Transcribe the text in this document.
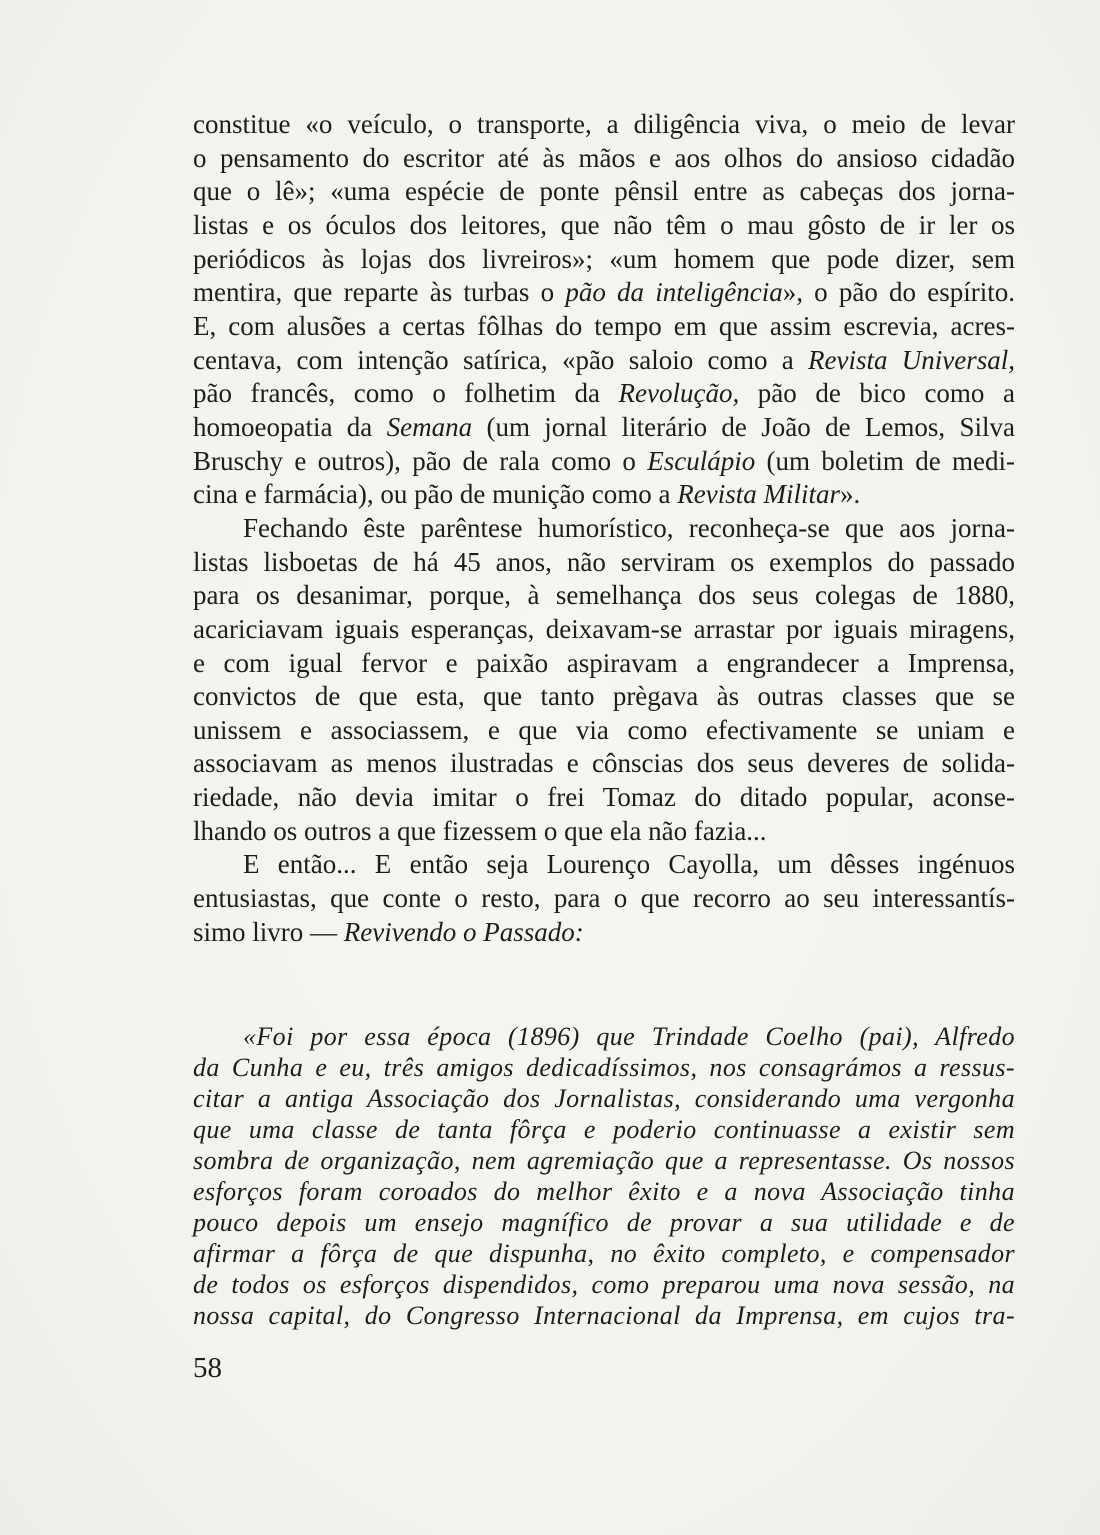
constitue «o veículo, o transporte, a diligência viva, o meio de levar
o pensamento do escritor até às mãos e aos olhos do ansioso cidadão
que o lê»; «uma espécie de ponte pênsil entre as cabeças dos jorna-
listas e os óculos dos leitores, que não têm o mau gôsto de ir ler os
periódicos às lojas dos livreiros»; «um homem que pode dizer, sem
mentira, que reparte às turbas o pão da inteligência», o pão do espírito.
E, com alusões a certas fôlhas do tempo em que assim escrevia, acres-
centava, com intenção satírica, «pão saloio como a Revista Universal,
pão francês, como o folhetim da Revolução, pão de bico como a
homoeopatia da Semana (um jornal literário de João de Lemos, Silva
Bruschy e outros), pão de rala como o Esculápio (um boletim de medi-
cina e farmácia), ou pão de munição como a Revista Militar».
Fechando êste parêntese humorístico, reconheça-se que aos jorna-
listas lisboetas de há 45 anos, não serviram os exemplos do passado
para os desanimar, porque, à semelhança dos seus colegas de 1880,
acariciavam iguais esperanças, deixavam-se arrastar por iguais miragens,
e com igual fervor e paixão aspiravam a engrandecer a Imprensa,
convictos de que esta, que tanto prègava às outras classes que se
unissem e associassem, e que via como efectivamente se uniam e
associavam as menos ilustradas e cônscias dos seus deveres de solida-
riedade, não devia imitar o frei Tomaz do ditado popular, aconse-
lhando os outros a que fizessem o que ela não fazia...
E então... E então seja Lourenço Cayolla, um dêsses ingénuos
entusiastas, que conte o resto, para o que recorro ao seu interessantís-
simo livro — Revivendo o Passado:
«Foi por essa época (1896) que Trindade Coelho (pai), Alfredo
da Cunha e eu, três amigos dedicadíssimos, nos consagrámos a ressus-
citar a antiga Associação dos Jornalistas, considerando uma vergonha
que uma classe de tanta fôrça e poderio continuasse a existir sem
sombra de organização, nem agremiação que a representasse. Os nossos
esforços foram coroados do melhor êxito e a nova Associação tinha
pouco depois um ensejo magnífico de provar a sua utilidade e de
afirmar a fôrça de que dispunha, no êxito completo, e compensador
de todos os esforços dispendidos, como preparou uma nova sessão, na
nossa capital, do Congresso Internacional da Imprensa, em cujos tra-
58
